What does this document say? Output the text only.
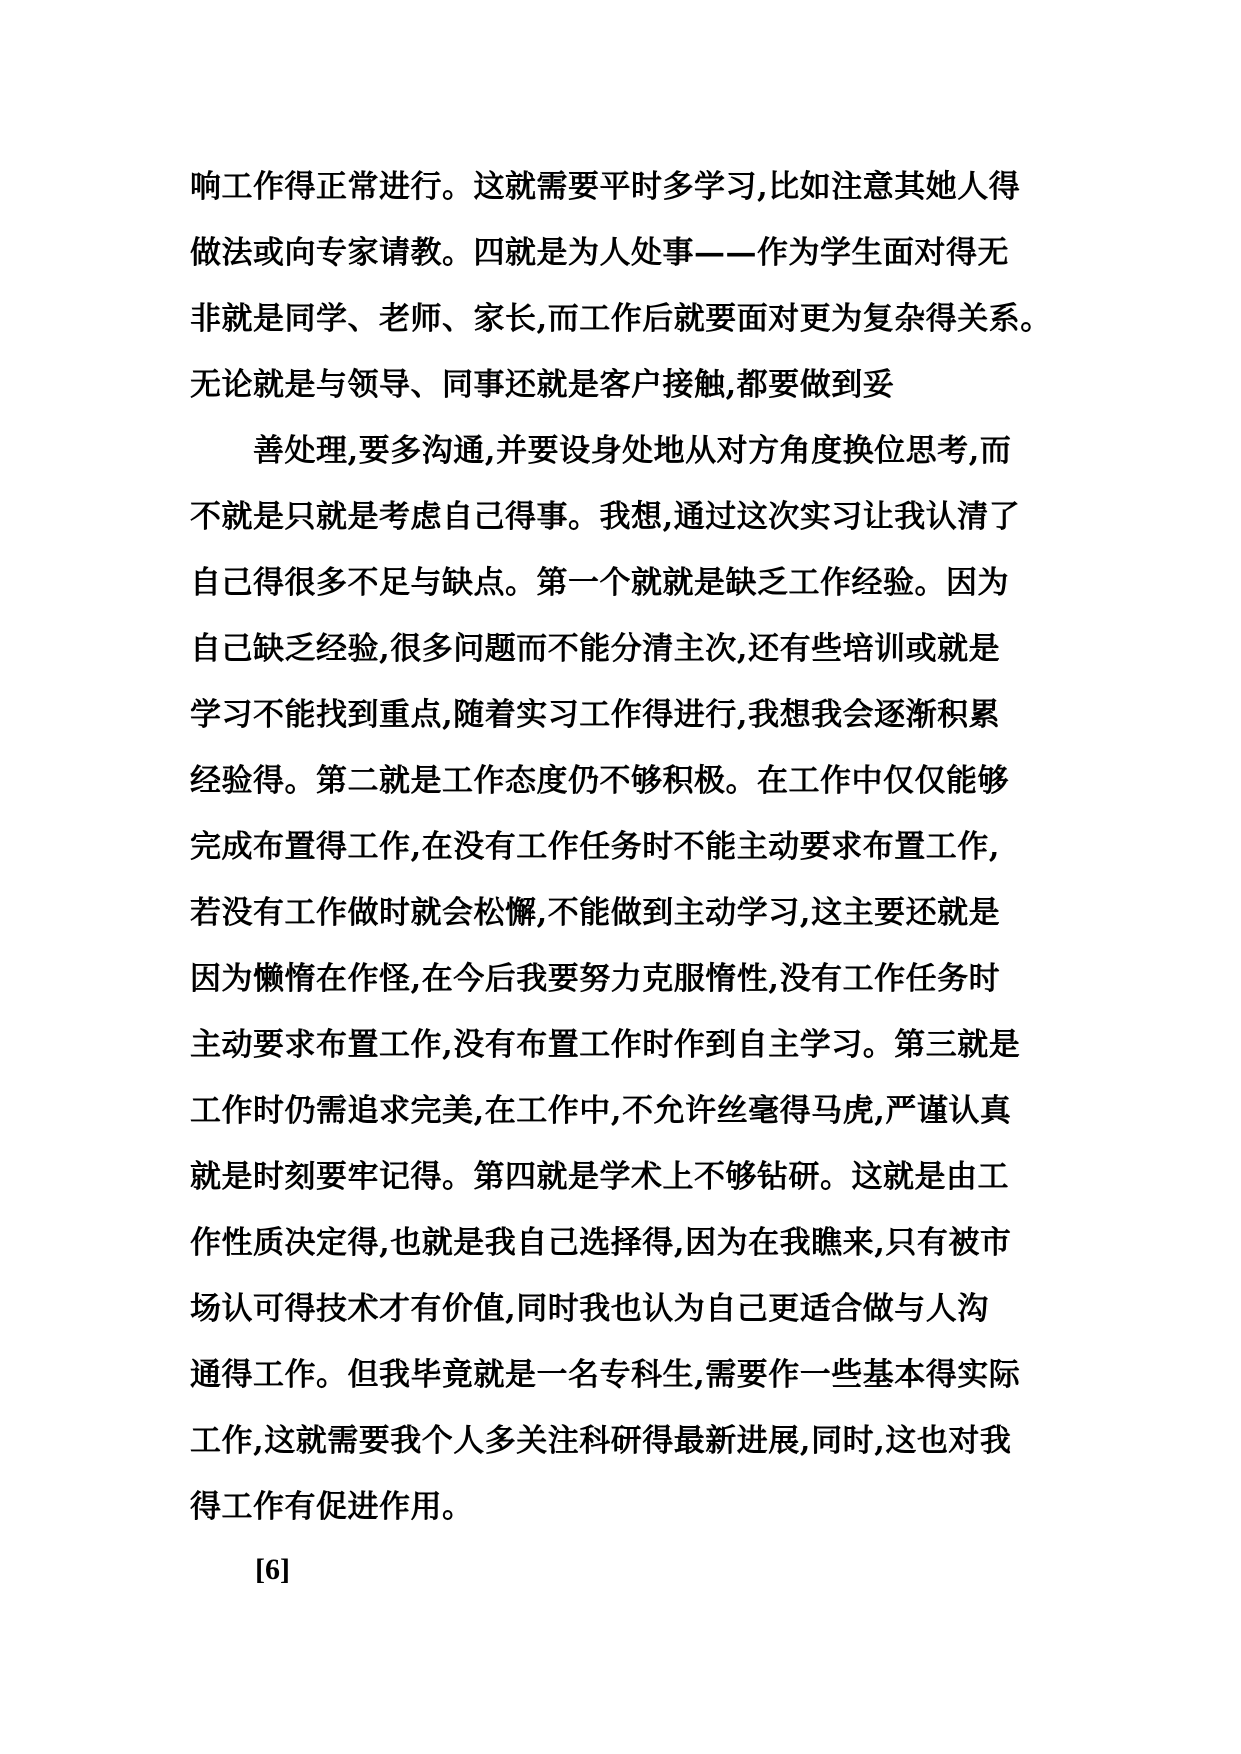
响工作得正常进行。这就需要平时多学习,比如注意其她人得
做法或向专家请教。四就是为人处事——作为学生面对得无
非就是同学、老师、家长,而工作后就要面对更为复杂得关系。
无论就是与领导、同事还就是客户接触,都要做到妥
善处理,要多沟通,并要设身处地从对方角度换位思考,而
不就是只就是考虑自己得事。我想,通过这次实习让我认清了
自己得很多不足与缺点。第一个就就是缺乏工作经验。因为
自己缺乏经验,很多问题而不能分清主次,还有些培训或就是
学习不能找到重点,随着实习工作得进行,我想我会逐渐积累
经验得。第二就是工作态度仍不够积极。在工作中仅仅能够
完成布置得工作,在没有工作任务时不能主动要求布置工作,
若没有工作做时就会松懈,不能做到主动学习,这主要还就是
因为懒惰在作怪,在今后我要努力克服惰性,没有工作任务时
主动要求布置工作,没有布置工作时作到自主学习。第三就是
工作时仍需追求完美,在工作中,不允许丝毫得马虎,严谨认真
就是时刻要牢记得。第四就是学术上不够钻研。这就是由工
作性质决定得,也就是我自己选择得,因为在我瞧来,只有被市
场认可得技术才有价值,同时我也认为自己更适合做与人沟
通得工作。但我毕竟就是一名专科生,需要作一些基本得实际
工作,这就需要我个人多关注科研得最新进展,同时,这也对我
得工作有促进作用。
[6]
